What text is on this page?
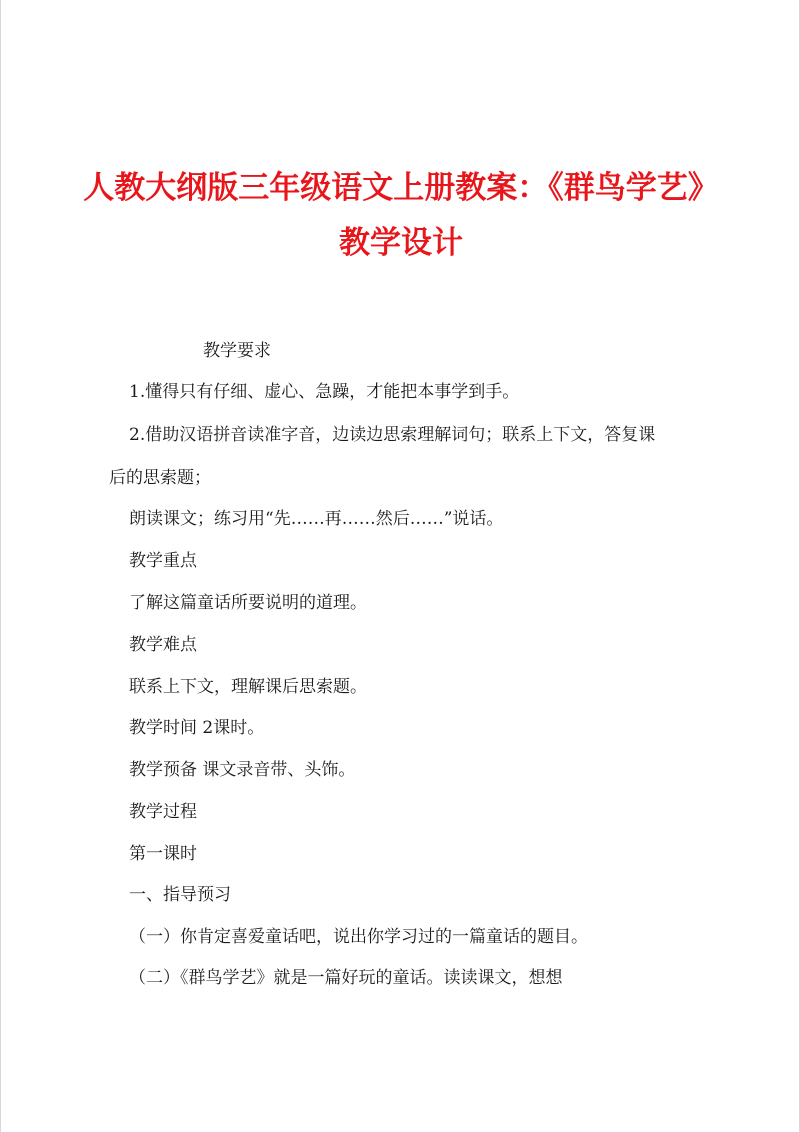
人教大纲版三年级语文上册教案：《群鸟学艺》
教学设计
教学要求
1.懂得只有仔细、虚心、急躁，才能把本事学到手。
2.借助汉语拼音读准字音，边读边思索理解词句；联系上下文，答复课
后的思索题；
朗读课文；练习用“先……再……然后……”说话。
教学重点
了解这篇童话所要说明的道理。
教学难点
联系上下文，理解课后思索题。
教学时间 2课时。
教学预备 课文录音带、头饰。
教学过程
第一课时
一、指导预习
（一）你肯定喜爱童话吧，说出你学习过的一篇童话的题目。
（二）《群鸟学艺》就是一篇好玩的童话。读读课文，想想
